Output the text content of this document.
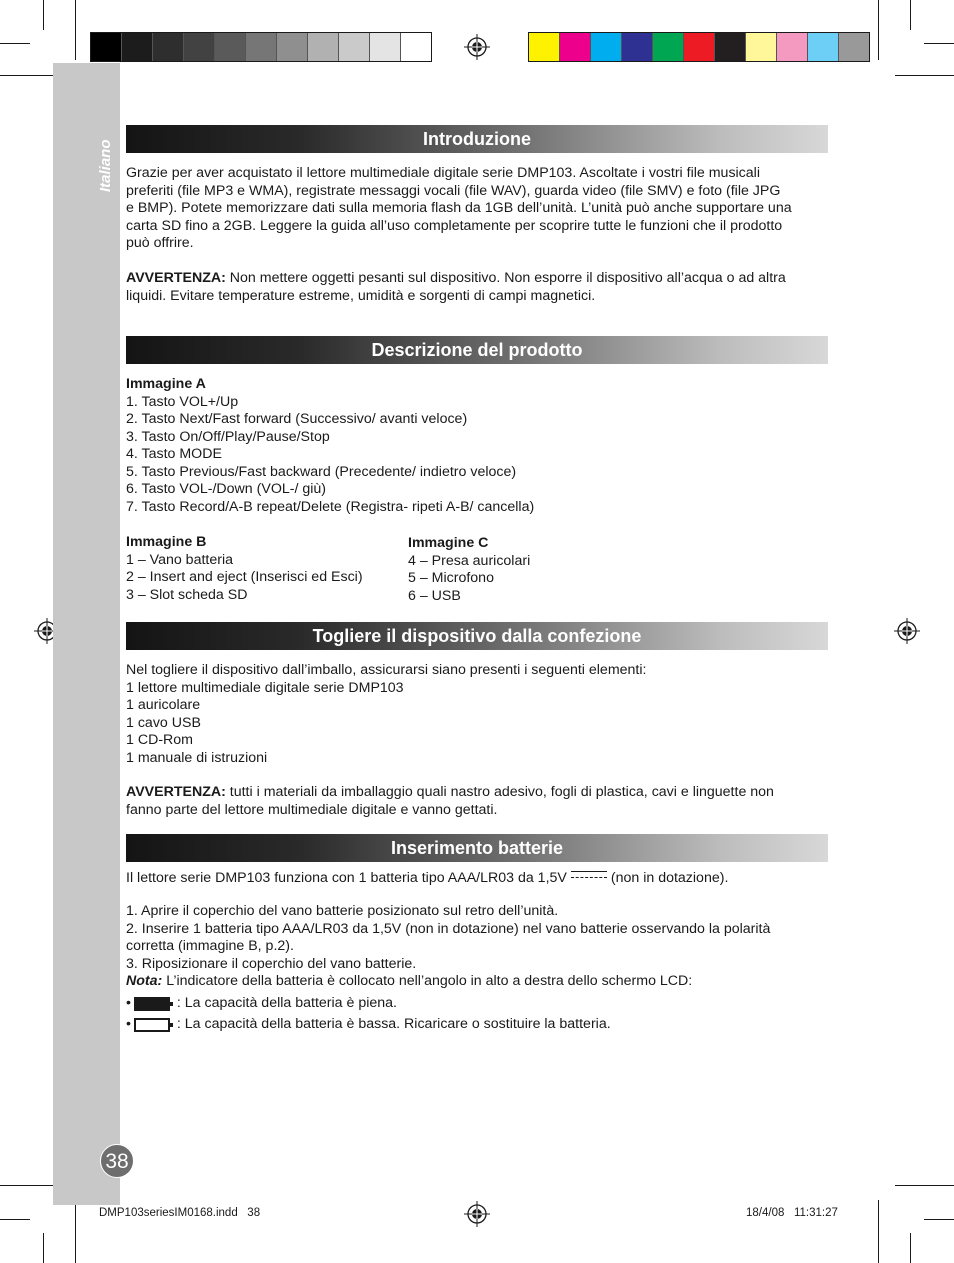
Italiano
Introduzione

Grazie per aver acquistato il lettore multimediale digitale serie DMP103. Ascoltate i vostri file musicali

preferiti (file MP3 e WMA), registrate messaggi vocali (file WAV), guarda video (file SMV) e foto (file JPG

e BMP). Potete memorizzare dati sulla memoria flash da 1GB dell’unità. L’unità può anche supportare una

carta SD fino a 2GB. Leggere la guida all’uso completamente per scoprire tutte le funzioni che il prodotto

può offrire.

AVVERTENZA: Non mettere oggetti pesanti sul dispositivo. Non esporre il dispositivo all’acqua o ad altra

liquidi. Evitare temperature estreme, umidità e sorgenti di campi magnetici.

Descrizione del prodotto

Immagine A

1. Tasto VOL+/Up

2. Tasto Next/Fast forward (Successivo/ avanti veloce)

3. Tasto On/Off/Play/Pause/Stop

4. Tasto MODE

5. Tasto Previous/Fast backward (Precedente/ indietro veloce)

6. Tasto VOL-/Down (VOL-/ giù)

7. Tasto Record/A-B repeat/Delete (Registra- ripeti A-B/ cancella)

Immagine B
1 – Vano batteria
2 – Insert and eject (Inserisci ed Esci)
3 – Slot scheda SD
Immagine C
4 – Presa auricolari
5 – Microfono
6 – USB
Togliere il dispositivo dalla confezione

Nel togliere il dispositivo dall’imballo, assicurarsi siano presenti i seguenti elementi:

1 lettore multimediale digitale serie DMP103

1 auricolare

1 cavo USB

1 CD-Rom

1 manuale di istruzioni

AVVERTENZA: tutti i materiali da imballaggio quali nastro adesivo, fogli di plastica, cavi e linguette non

fanno parte del lettore multimediale digitale e vanno gettati.

Inserimento batterie

Il lettore serie DMP103 funziona con 1 batteria tipo AAA/LR03 da 1,5V	(non in dotazione).

1. Aprire il coperchio del vano batterie posizionato sul retro dell’unità.

2. Inserire 1 batteria tipo AAA/LR03 da 1,5V (non in dotazione) nel vano batterie osservando la polarità

corretta (immagine B, p.2).

3. Riposizionare il coperchio del vano batterie.

Nota: L’indicatore della batteria è collocato nell’angolo in alto a destra dello schermo LCD:

•	: La capacità della batteria è piena.

•	: La capacità della batteria è bassa. Ricaricare o sostituire la batteria.

38
DMP103seriesIM0168.indd   38	18/4/08   11:31:27
